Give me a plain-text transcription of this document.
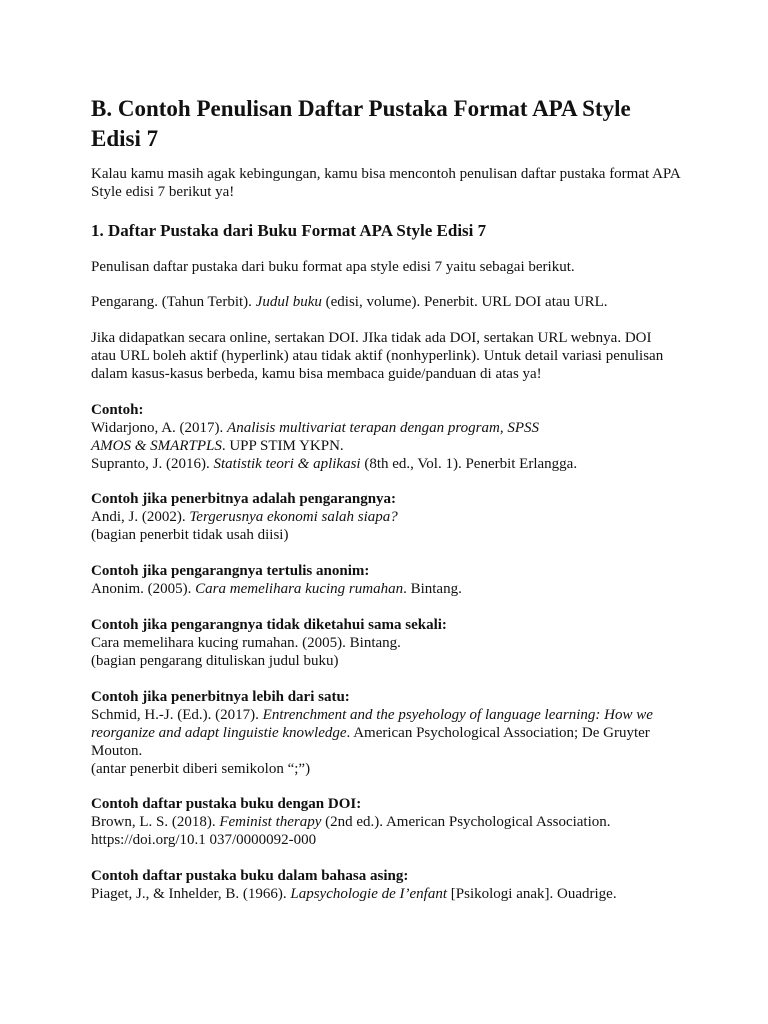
B. Contoh Penulisan Daftar Pustaka Format APA Style Edisi 7

Kalau kamu masih agak kebingungan, kamu bisa mencontoh penulisan daftar pustaka format APA Style edisi 7 berikut ya!

1. Daftar Pustaka dari Buku Format APA Style Edisi 7

Penulisan daftar pustaka dari buku format apa style edisi 7 yaitu sebagai berikut.

Pengarang. (Tahun Terbit). Judul buku (edisi, volume). Penerbit. URL DOI atau URL.

Jika didapatkan secara online, sertakan DOI. JIka tidak ada DOI, sertakan URL webnya. DOI atau URL boleh aktif (hyperlink) atau tidak aktif (nonhyperlink). Untuk detail variasi penulisan dalam kasus-kasus berbeda, kamu bisa membaca guide/panduan di atas ya!

Contoh:

Widarjono, A. (2017). Analisis multivariat terapan dengan program, SPSS AMOS & SMARTPLS. UPP STIM YKPN.

Supranto, J. (2016). Statistik teori & aplikasi (8th ed., Vol. 1). Penerbit Erlangga.

Contoh jika penerbitnya adalah pengarangnya:

Andi, J. (2002). Tergerusnya ekonomi salah siapa?

(bagian penerbit tidak usah diisi)

Contoh jika pengarangnya tertulis anonim:

Anonim. (2005). Cara memelihara kucing rumahan. Bintang.

Contoh jika pengarangnya tidak diketahui sama sekali:

Cara memelihara kucing rumahan. (2005). Bintang.

(bagian pengarang dituliskan judul buku)

Contoh jika penerbitnya lebih dari satu:

Schmid, H.-J. (Ed.). (2017). Entrenchment and the psyehology of language learning: How we reorganize and adapt linguistie knowledge. American Psychological Association; De Gruyter Mouton.

(antar penerbit diberi semikolon “;”)

Contoh daftar pustaka buku dengan DOI:

Brown, L. S. (2018). Feminist therapy (2nd ed.). American Psychological Association.

https://doi.org/10.1 037/0000092-000

Contoh daftar pustaka buku dalam bahasa asing:

Piaget, J., & Inhelder, B. (1966). Lapsychologie de I’enfant [Psikologi anak]. Ouadrige.
